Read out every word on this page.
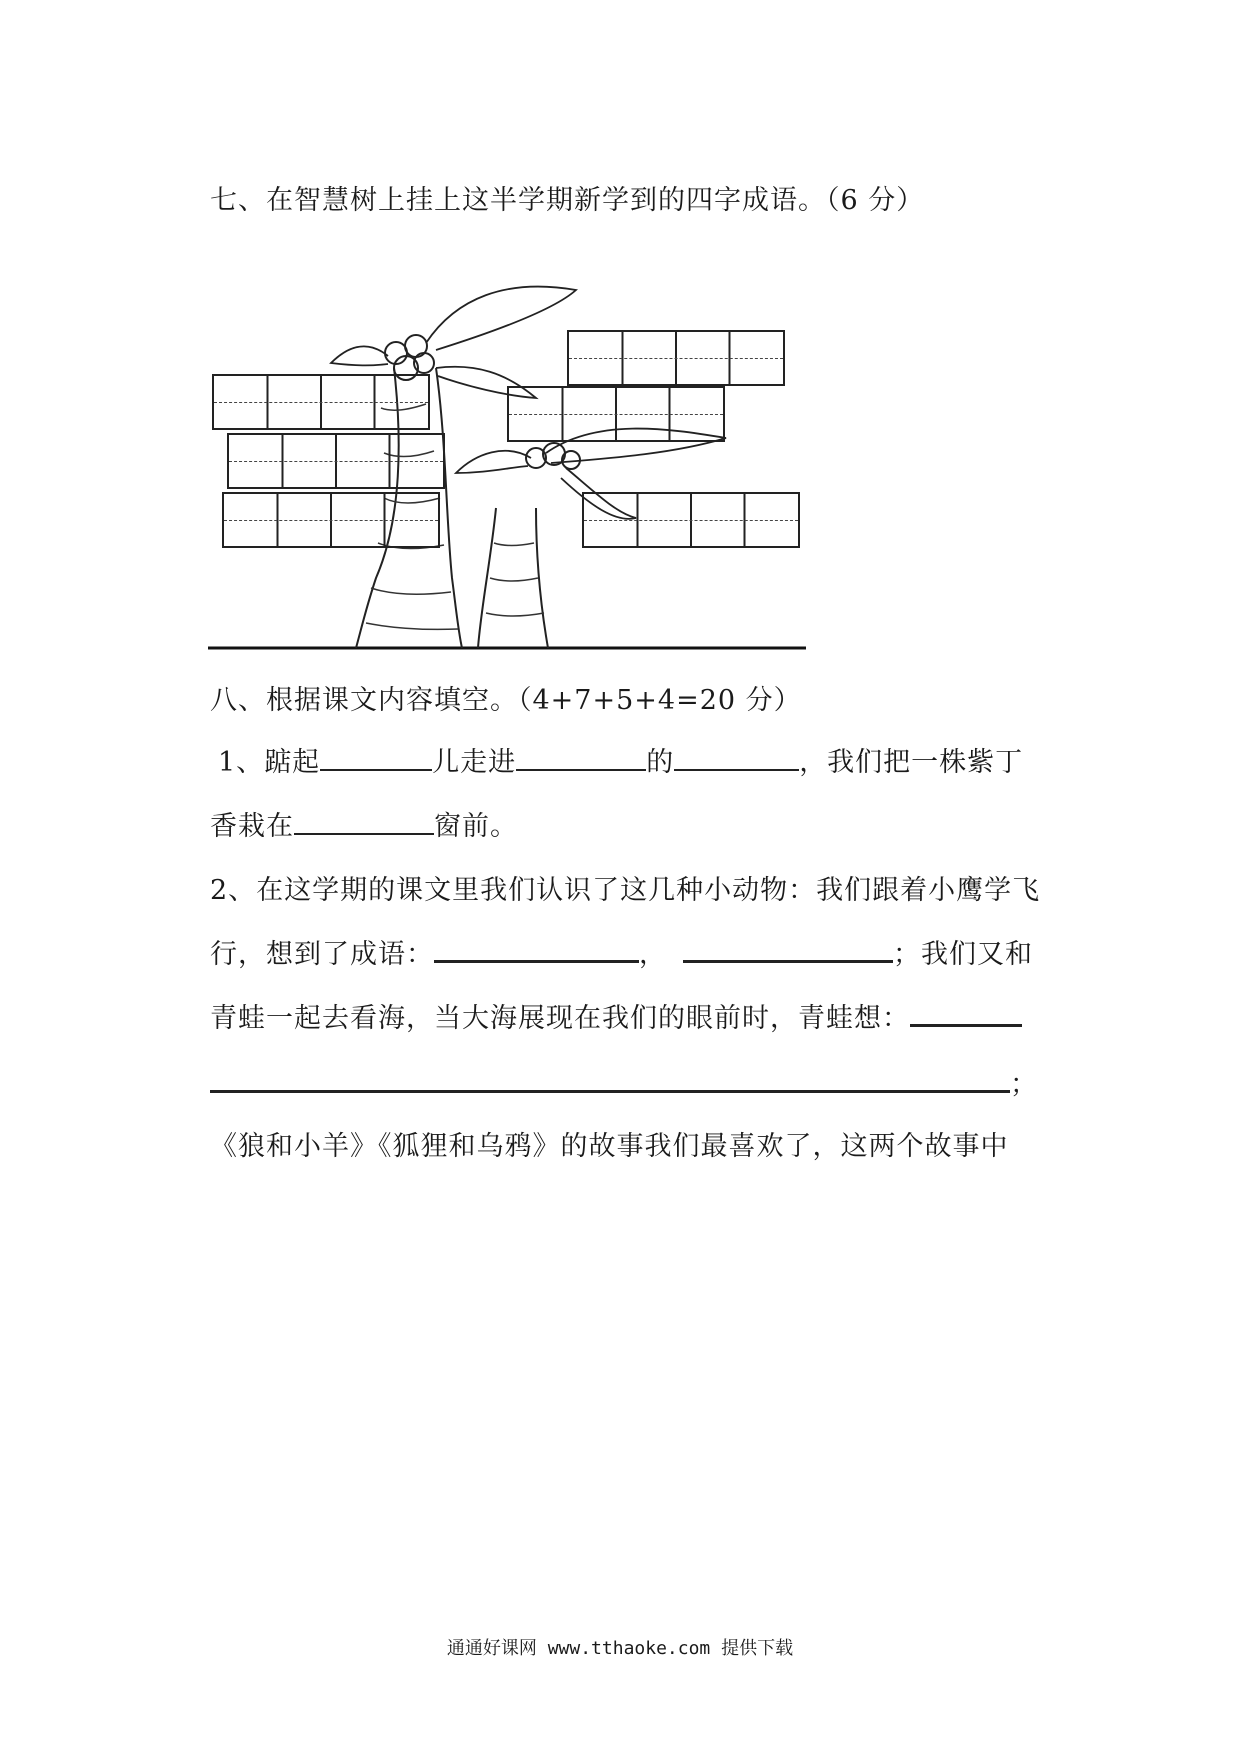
七、在智慧树上挂上这半学期新学到的四字成语。（6 分）
八、根据课文内容填空。（4+7+5+4=20 分）
1、踮起	儿走进	的	，我们把一株紫丁
香栽在	窗前。
2、在这学期的课文里我们认识了这几种小动物：我们跟着小鹰学飞
行，想到了成语：	，	；我们又和
青蛙一起去看海，当大海展现在我们的眼前时，青蛙想：
；
《狼和小羊》《狐狸和乌鸦》的故事我们最喜欢了，这两个故事中
通通好课网 www.tthaoke.com 提供下载
